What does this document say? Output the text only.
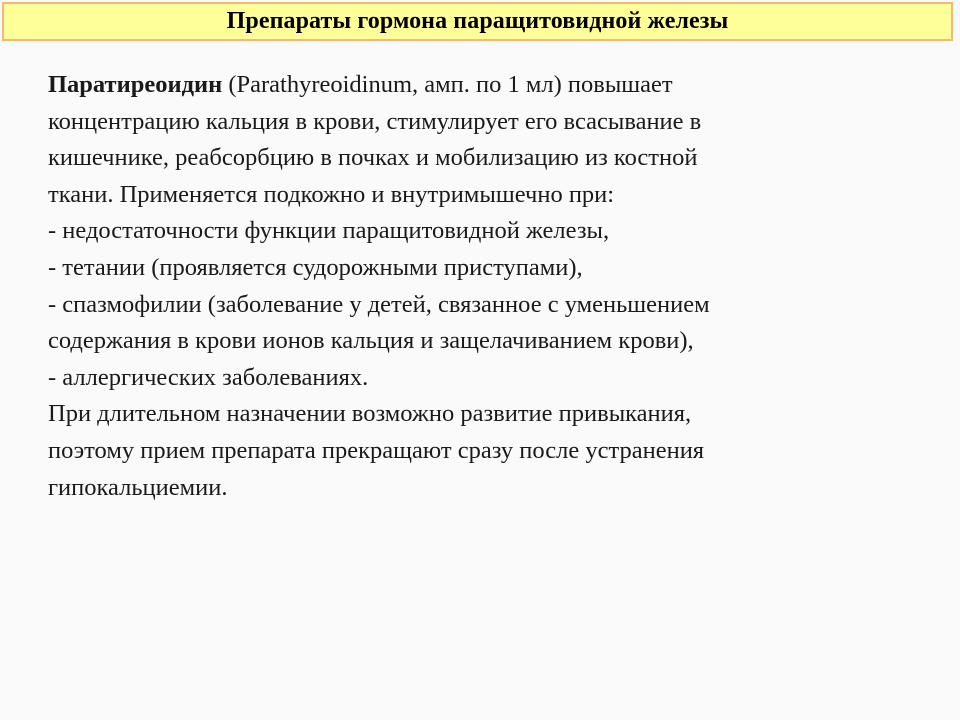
Препараты гормона паращитовидной железы
Паратиреоидин (Parathyreoidinum, амп. по 1 мл) повышает
концентрацию кальция в крови, стимулирует его всасывание в
кишечнике, реабсорбцию в почках и мобилизацию из костной
ткани. Применяется подкожно и внутримышечно при:
- недостаточности функции паращитовидной железы,
- тетании (проявляется судорожными приступами),
- спазмофилии (заболевание у детей, связанное с уменьшением
содержания в крови ионов кальция и защелачиванием крови),
- аллергических заболеваниях.
При длительном назначении возможно развитие привыкания,
поэтому прием препарата прекращают сразу после устранения
гипокальциемии.
